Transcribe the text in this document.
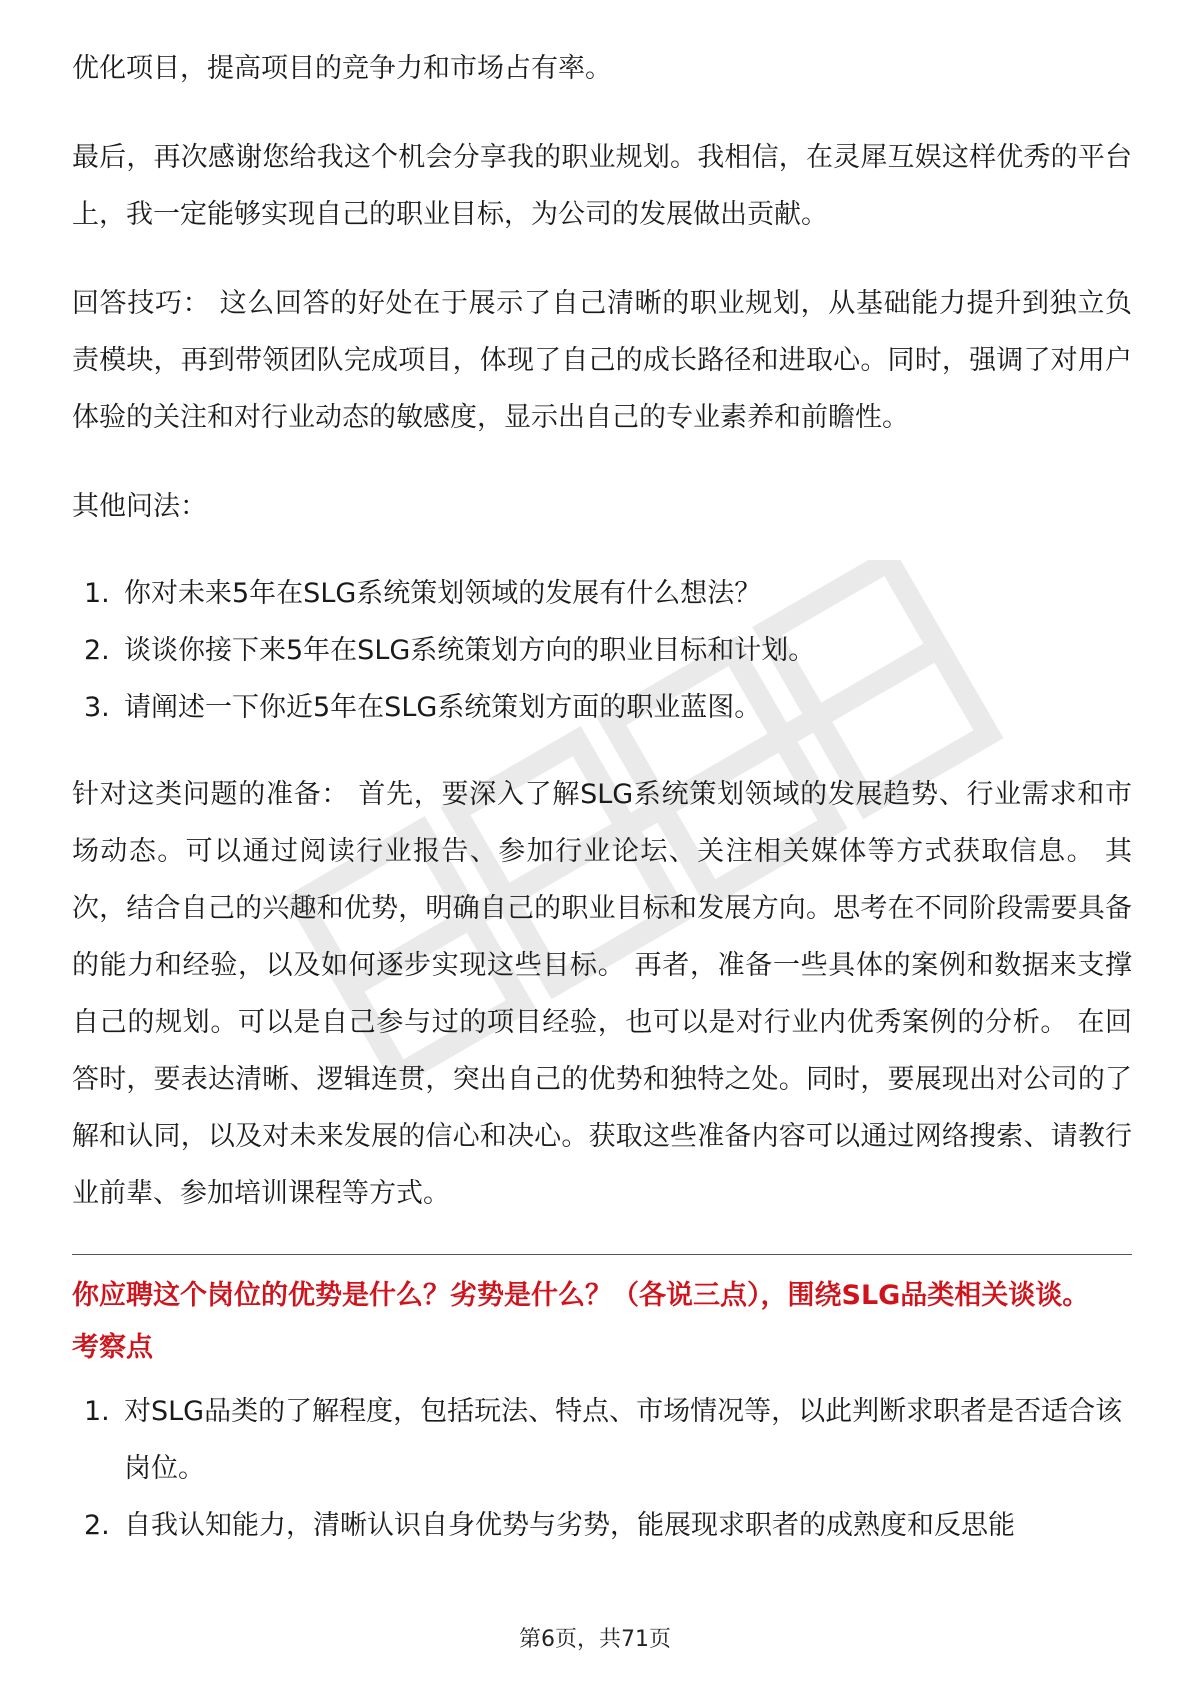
优化项目，提高项目的竞争力和市场占有率。

最后，再次感谢您给我这个机会分享我的职业规划。我相信，在灵犀互娱这样优秀的平台上，我一定能够实现自己的职业目标，为公司的发展做出贡献。

回答技巧： 这么回答的好处在于展示了自己清晰的职业规划，从基础能力提升到独立负责模块，再到带领团队完成项目，体现了自己的成长路径和进取心。同时，强调了对用户体验的关注和对行业动态的敏感度，显示出自己的专业素养和前瞻性。

其他问法：

1. 你对未来5年在SLG系统策划领域的发展有什么想法？
2. 谈谈你接下来5年在SLG系统策划方向的职业目标和计划。
3. 请阐述一下你近5年在SLG系统策划方面的职业蓝图。

针对这类问题的准备： 首先，要深入了解SLG系统策划领域的发展趋势、行业需求和市场动态。可以通过阅读行业报告、参加行业论坛、关注相关媒体等方式获取信息。 其次，结合自己的兴趣和优势，明确自己的职业目标和发展方向。思考在不同阶段需要具备的能力和经验，以及如何逐步实现这些目标。 再者，准备一些具体的案例和数据来支撑自己的规划。可以是自己参与过的项目经验，也可以是对行业内优秀案例的分析。 在回答时，要表达清晰、逻辑连贯，突出自己的优势和独特之处。同时，要展现出对公司的了解和认同，以及对未来发展的信心和决心。获取这些准备内容可以通过网络搜索、请教行业前辈、参加培训课程等方式。

你应聘这个岗位的优势是什么？劣势是什么？（各说三点），围绕SLG品类相关谈谈。
考察点
1. 对SLG品类的了解程度，包括玩法、特点、市场情况等，以此判断求职者是否适合该岗位。
2. 自我认知能力，清晰认识自身优势与劣势，能展现求职者的成熟度和反思能
第6页，共71页
